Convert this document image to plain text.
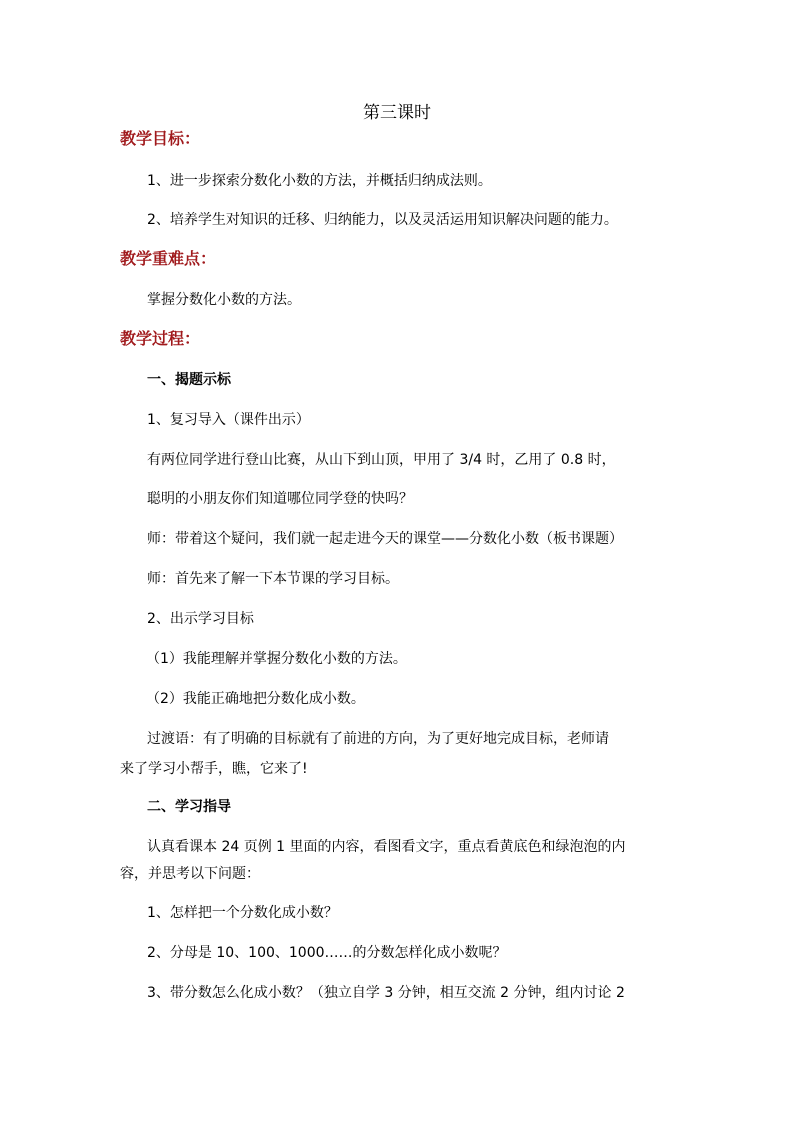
第三课时
教学目标：
1、进一步探索分数化小数的方法，并概括归纳成法则。
2、培养学生对知识的迁移、归纳能力，以及灵活运用知识解决问题的能力。
教学重难点：
掌握分数化小数的方法。
教学过程：
一、揭题示标
1、复习导入（课件出示）
有两位同学进行登山比赛，从山下到山顶，甲用了 3/4 时，乙用了 0.8 时，
聪明的小朋友你们知道哪位同学登的快吗？
师：带着这个疑问，我们就一起走进今天的课堂——分数化小数（板书课题）
师：首先来了解一下本节课的学习目标。
2、出示学习目标
（1）我能理解并掌握分数化小数的方法。
（2）我能正确地把分数化成小数。
过渡语：有了明确的目标就有了前进的方向，为了更好地完成目标，老师请
来了学习小帮手，瞧，它来了!
二、学习指导
认真看课本 24 页例 1 里面的内容，看图看文字，重点看黄底色和绿泡泡的内
容，并思考以下问题：
1、怎样把一个分数化成小数？
2、分母是 10、100、1000……的分数怎样化成小数呢？
3、带分数怎么化成小数？（独立自学 3 分钟，相互交流 2 分钟，组内讨论 2
